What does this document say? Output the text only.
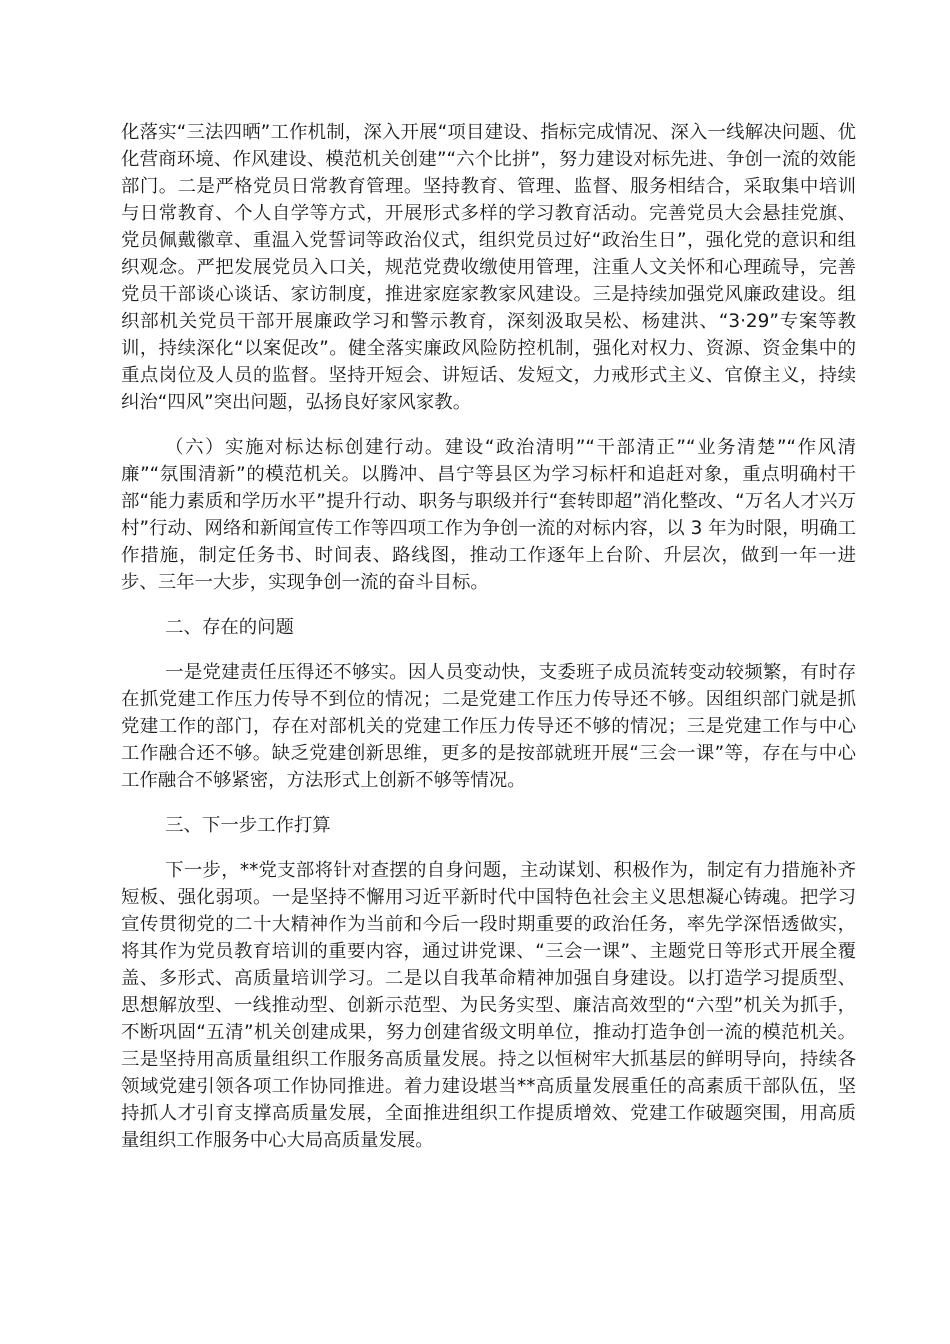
化落实“三法四晒”工作机制，深入开展“项目建设、指标完成情况、深入一线解决问题、优化营商环境、作风建设、模范机关创建”“六个比拼”，努力建设对标先进、争创一流的效能部门。二是严格党员日常教育管理。坚持教育、管理、监督、服务相结合，采取集中培训与日常教育、个人自学等方式，开展形式多样的学习教育活动。完善党员大会悬挂党旗、党员佩戴徽章、重温入党誓词等政治仪式，组织党员过好“政治生日”，强化党的意识和组织观念。严把发展党员入口关，规范党费收缴使用管理，注重人文关怀和心理疏导，完善党员干部谈心谈话、家访制度，推进家庭家教家风建设。三是持续加强党风廉政建设。组织部机关党员干部开展廉政学习和警示教育，深刻汲取吴松、杨建洪、“3·29”专案等教训，持续深化“以案促改”。健全落实廉政风险防控机制，强化对权力、资源、资金集中的重点岗位及人员的监督。坚持开短会、讲短话、发短文，力戒形式主义、官僚主义，持续纠治“四风”突出问题，弘扬良好家风家教。

（六）实施对标达标创建行动。建设“政治清明”“干部清正”“业务清楚”“作风清廉”“氛围清新”的模范机关。以腾冲、昌宁等县区为学习标杆和追赶对象，重点明确村干部“能力素质和学历水平”提升行动、职务与职级并行“套转即超”消化整改、“万名人才兴万村”行动、网络和新闻宣传工作等四项工作为争创一流的对标内容，以 3 年为时限，明确工作措施，制定任务书、时间表、路线图，推动工作逐年上台阶、升层次，做到一年一进步、三年一大步，实现争创一流的奋斗目标。

二、存在的问题

一是党建责任压得还不够实。因人员变动快，支委班子成员流转变动较频繁，有时存在抓党建工作压力传导不到位的情况；二是党建工作压力传导还不够。因组织部门就是抓党建工作的部门，存在对部机关的党建工作压力传导还不够的情况；三是党建工作与中心工作融合还不够。缺乏党建创新思维，更多的是按部就班开展“三会一课”等，存在与中心工作融合不够紧密，方法形式上创新不够等情况。

三、下一步工作打算

下一步，**党支部将针对查摆的自身问题，主动谋划、积极作为，制定有力措施补齐短板、强化弱项。一是坚持不懈用习近平新时代中国特色社会主义思想凝心铸魂。把学习宣传贯彻党的二十大精神作为当前和今后一段时期重要的政治任务，率先学深悟透做实，将其作为党员教育培训的重要内容，通过讲党课、“三会一课”、主题党日等形式开展全覆盖、多形式、高质量培训学习。二是以自我革命精神加强自身建设。以打造学习提质型、思想解放型、一线推动型、创新示范型、为民务实型、廉洁高效型的“六型”机关为抓手，不断巩固“五清”机关创建成果，努力创建省级文明单位，推动打造争创一流的模范机关。三是坚持用高质量组织工作服务高质量发展。持之以恒树牢大抓基层的鲜明导向，持续各领域党建引领各项工作协同推进。着力建设堪当**高质量发展重任的高素质干部队伍，坚持抓人才引育支撑高质量发展，全面推进组织工作提质增效、党建工作破题突围，用高质量组织工作服务中心大局高质量发展。
